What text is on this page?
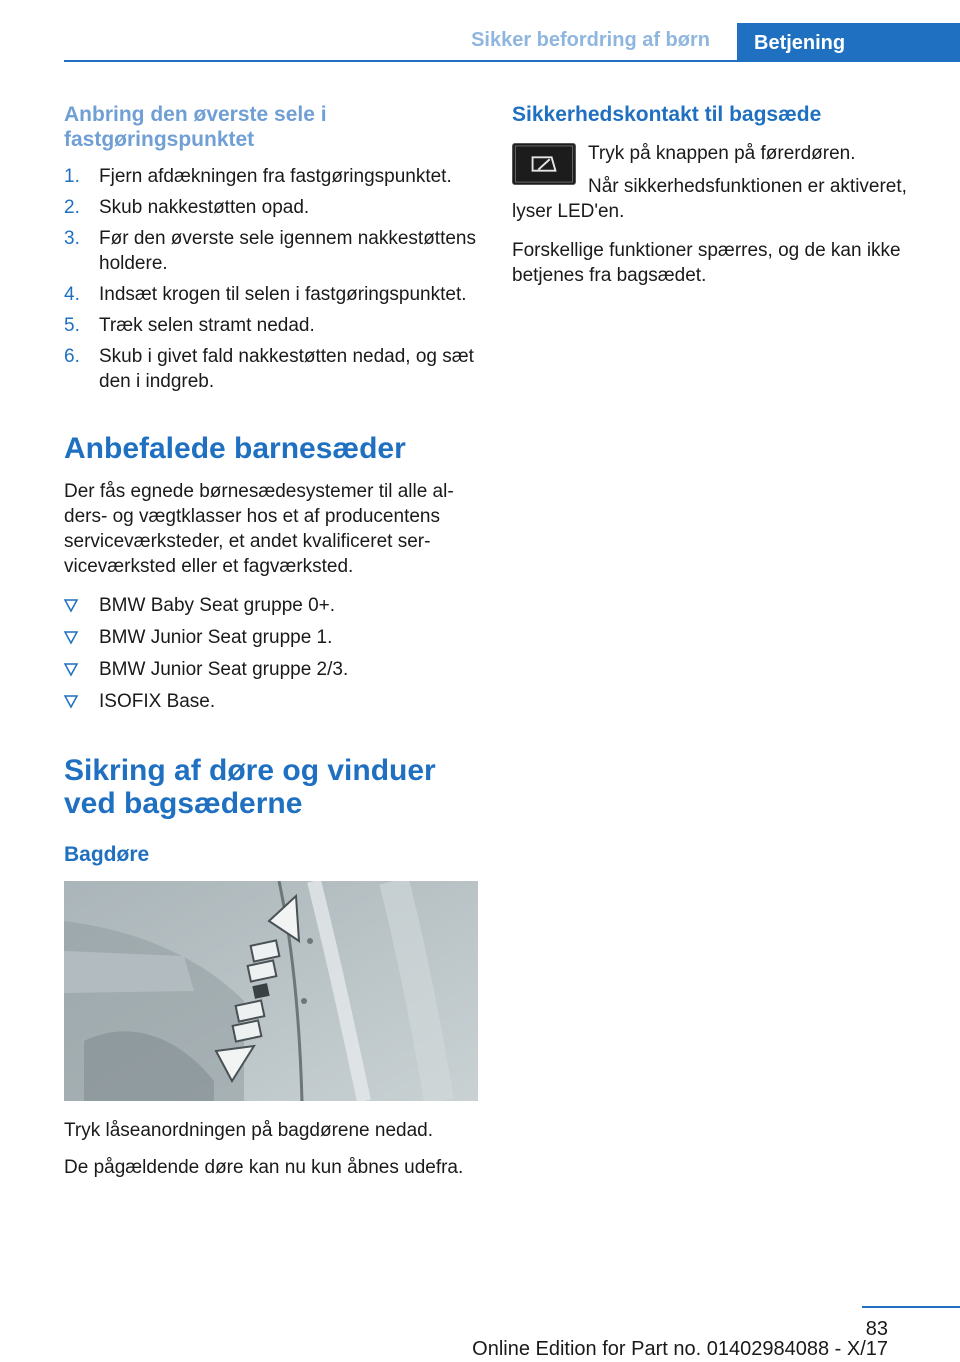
Sikker befordring af børn	Betjening
Anbring den øverste sele i fastgøringspunktet
1. Fjern afdækningen fra fastgøringspunktet.
2. Skub nakkestøtten opad.
3. Før den øverste sele igennem nakkestøttens holdere.
4. Indsæt krogen til selen i fastgøringspunktet.
5. Træk selen stramt nedad.
6. Skub i givet fald nakkestøtten nedad, og sæt den i indgreb.
Anbefalede barnesæder

Der fås egnede børnesædesystemer til alle alders- og vægtklasser hos et af producentens serviceværksteder, et andet kvalificeret serviceværksted eller et fagværksted.

BMW Baby Seat gruppe 0+.
BMW Junior Seat gruppe 1.
BMW Junior Seat gruppe 2/3.
ISOFIX Base.
Sikring af døre og vinduer ved bagsæderne
Bagdøre

Tryk låseanordningen på bagdørene nedad.

De pågældende døre kan nu kun åbnes udefra.

Sikkerhedskontakt til bagsæde

Tryk på knappen på førerdøren.

Når sikkerhedsfunktionen er aktiveret, lyser LED'en.

Forskellige funktioner spærres, og de kan ikke betjenes fra bagsædet.

83
Online Edition for Part no. 01402984088 - X/17
